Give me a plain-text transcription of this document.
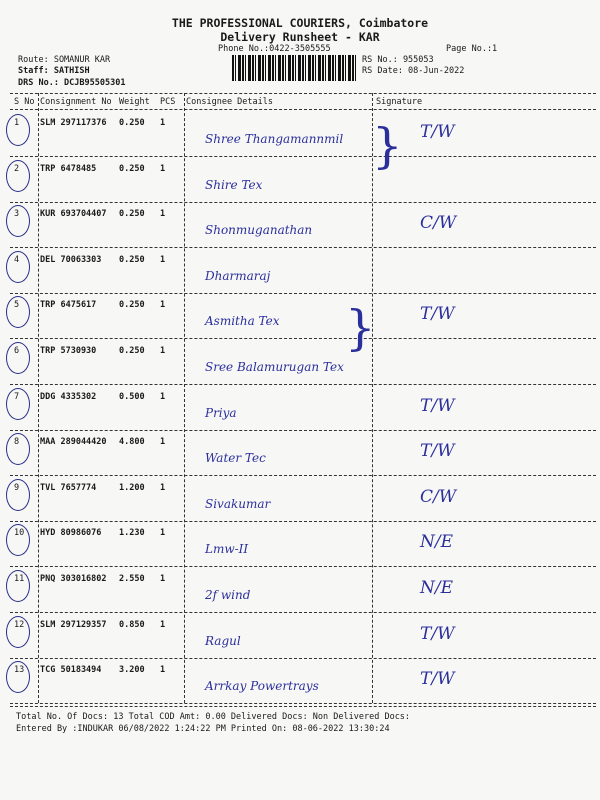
THE PROFESSIONAL COURIERS, Coimbatore
Delivery Runsheet - KAR
Phone No.:0422-3505555	Page No.:1
Route: SOMANUR KAR
Staff: SATHISH
DRS No.: DCJB95505301
RS No.: 955053
RS Date: 08-Jun-2022
S No Consignment No Weight PCS Consignee Details	Signature
1 SLM 297117376 0.250 1
Shree Thangamannmil	T/W
2 TRP 6478485	0.250 1
Shire Tex
3 KUR 693704407 0.250 1
Shonmuganathan	C/W
4 DEL 70063303 0.250 1
Dharmaraj
5 TRP 6475617	0.250 1
Asmitha Tex	T/W
6 TRP 5730930	0.250 1
Sree Balamurugan Tex
7 DDG 4335302	0.500 1
Priya	T/W
8 MAA 289044420 4.800 1
Water Tec	T/W
9 TVL 7657774	1.200 1
Sivakumar	C/W
10 HYD 80986076 1.230 1
Lmw-II	N/E
11 PNQ 303016802 2.550 1
2f wind	N/E
12 SLM 297129357 0.850 1
Ragul	T/W
13 TCG 50183494 3.200 1
Arrkay Powertrays	T/W
}
}
Total No. Of Docs: 13 Total COD Amt: 0.00 Delivered Docs: Non Delivered Docs:
Entered By :INDUKAR 06/08/2022 1:24:22 PM Printed On: 08-06-2022 13:30:24
